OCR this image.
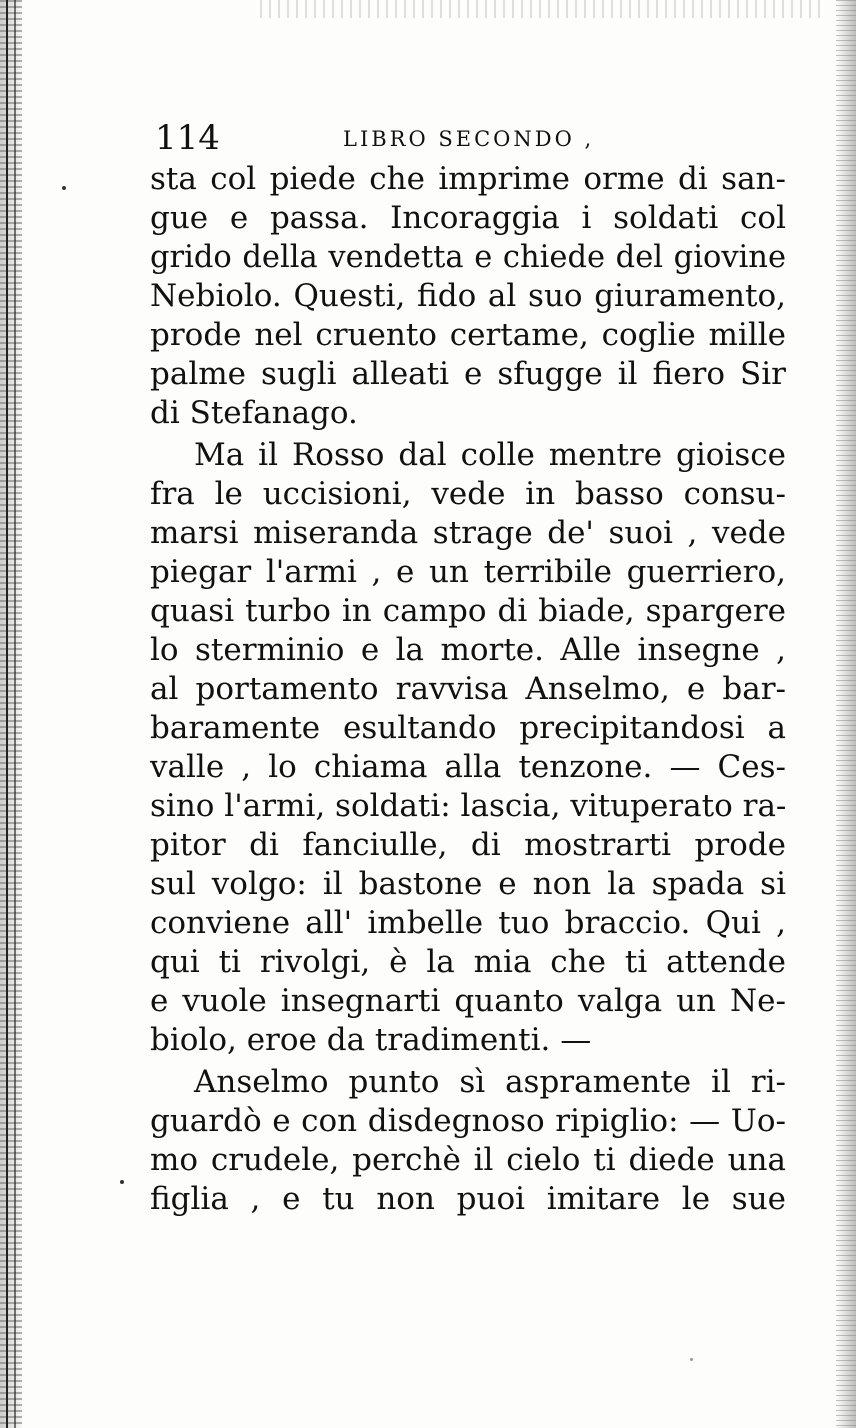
114	LIBRO SECONDO ,
sta col piede che imprime orme di san-
gue e passa. Incoraggia i soldati col
grido della vendetta e chiede del giovine
Nebiolo. Questi, fido al suo giuramento,
prode nel cruento certame, coglie mille
palme sugli alleati e sfugge il fiero Sir
di Stefanago.
Ma il Rosso dal colle mentre gioisce
fra le uccisioni, vede in basso consu-
marsi miseranda strage de' suoi , vede
piegar l'armi , e un terribile guerriero,
quasi turbo in campo di biade, spargere
lo sterminio e la morte. Alle insegne ,
al portamento ravvisa Anselmo, e bar-
baramente esultando precipitandosi a
valle , lo chiama alla tenzone. — Ces-
sino l'armi, soldati: lascia, vituperato ra-
pitor di fanciulle, di mostrarti prode
sul volgo: il bastone e non la spada si
conviene all' imbelle tuo braccio. Qui ,
qui ti rivolgi, è la mia che ti attende
e vuole insegnarti quanto valga un Ne-
biolo, eroe da tradimenti. —
Anselmo punto sì aspramente il ri-
guardò e con disdegnoso ripiglio: — Uo-
mo crudele, perchè il cielo ti diede una
figlia , e tu non puoi imitare le sue
